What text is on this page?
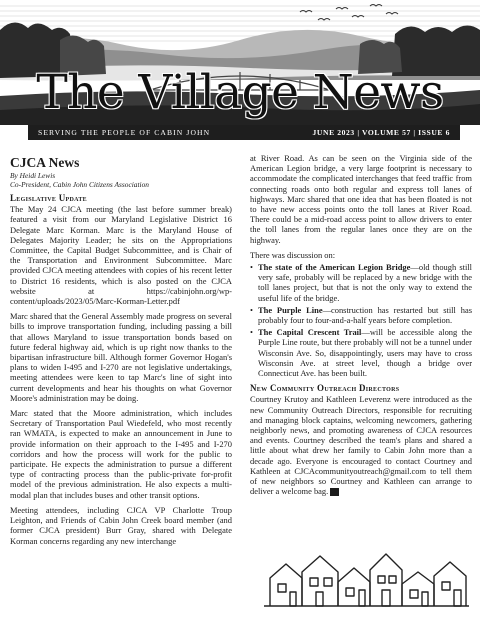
The Village News
SERVING THE PEOPLE OF CABIN JOHN	JUNE 2023 | VOLUME 57 | ISSUE 6
CJCA News
By Heidi Lewis
Co-President, Cabin John Citizens Association
Legislative Update

The May 24 CJCA meeting (the last before summer break) featured a visit from our Maryland Legislative District 16 Delegate Marc Korman. Marc is the Maryland House of Delegates Majority Leader; he sits on the Appropriations Committee, the Capital Budget Subcommittee, and is Chair of the Transportation and Environment Subcommittee. Marc provided CJCA meeting attendees with copies of his recent letter to District 16 residents, which is also posted on the CJCA website at https://cabinjohn.org/wp-content/uploads/2023/05/Marc-Korman-Letter.pdf

Marc shared that the General Assembly made progress on several bills to improve transportation funding, including passing a bill that allows Maryland to issue transportation bonds based on future federal highway aid, which is up right now thanks to the bipartisan infrastructure bill. Although former Governor Hogan's plans to widen I-495 and I-270 are not legislative undertakings, meeting attendees were keen to tap Marc's line of sight into current developments and hear his thoughts on what Governor Moore's administration may be doing.

Marc stated that the Moore administration, which includes Secretary of Transportation Paul Wiedefeld, who most recently ran WMATA, is expected to make an announcement in June to provide information on their approach to the I-495 and I-270 corridors and how the process will work for the public to participate. He expects the administration to pursue a different type of contracting process than the public-private for-profit model of the previous administration. He also expects a multi-modal plan that includes buses and other transit options.

Meeting attendees, including CJCA VP Charlotte Troup Leighton, and Friends of Cabin John Creek board member (and former CJCA president) Burr Gray, shared with Delegate Korman concerns regarding any new interchange

at River Road. As can be seen on the Virginia side of the American Legion bridge, a very large footprint is necessary to accommodate the complicated interchanges that feed traffic from connecting roads onto both regular and express toll lanes of highways. Marc shared that one idea that has been floated is not to have new access points onto the toll lanes at River Road. There could be a mid-road access point to allow drivers to enter the toll lanes from the regular lanes once they are on the highway.

There was discussion on:
• The state of the American Legion Bridge—old though still very safe, probably will be replaced by a new bridge with the toll lanes project, but that is not the only way to extend the useful life of the bridge.
• The Purple Line—construction has restarted but still has probably four to four-and-a-half years before completion.
• The Capital Crescent Trail—will be accessible along the Purple Line route, but there probably will not be a tunnel under Wisconsin Ave. So, disappointingly, users may have to cross Wisconsin Ave. at street level, though a bridge over Connecticut Ave. has been built.
New Community Outreach Directors

Courtney Krutoy and Kathleen Leverenz were introduced as the new Community Outreach Directors, responsible for recruiting and managing block captains, welcoming newcomers, gathering neighborly news, and promoting awareness of CJCA resources and events. Courtney described the team's plans and shared a little about what drew her family to Cabin John more than a decade ago. Everyone is encouraged to contact Courtney and Kathleen at CJCAcommunityoutreach@gmail.com to tell them of new neighbors so Courtney and Kathleen can arrange to deliver a welcome bag.
